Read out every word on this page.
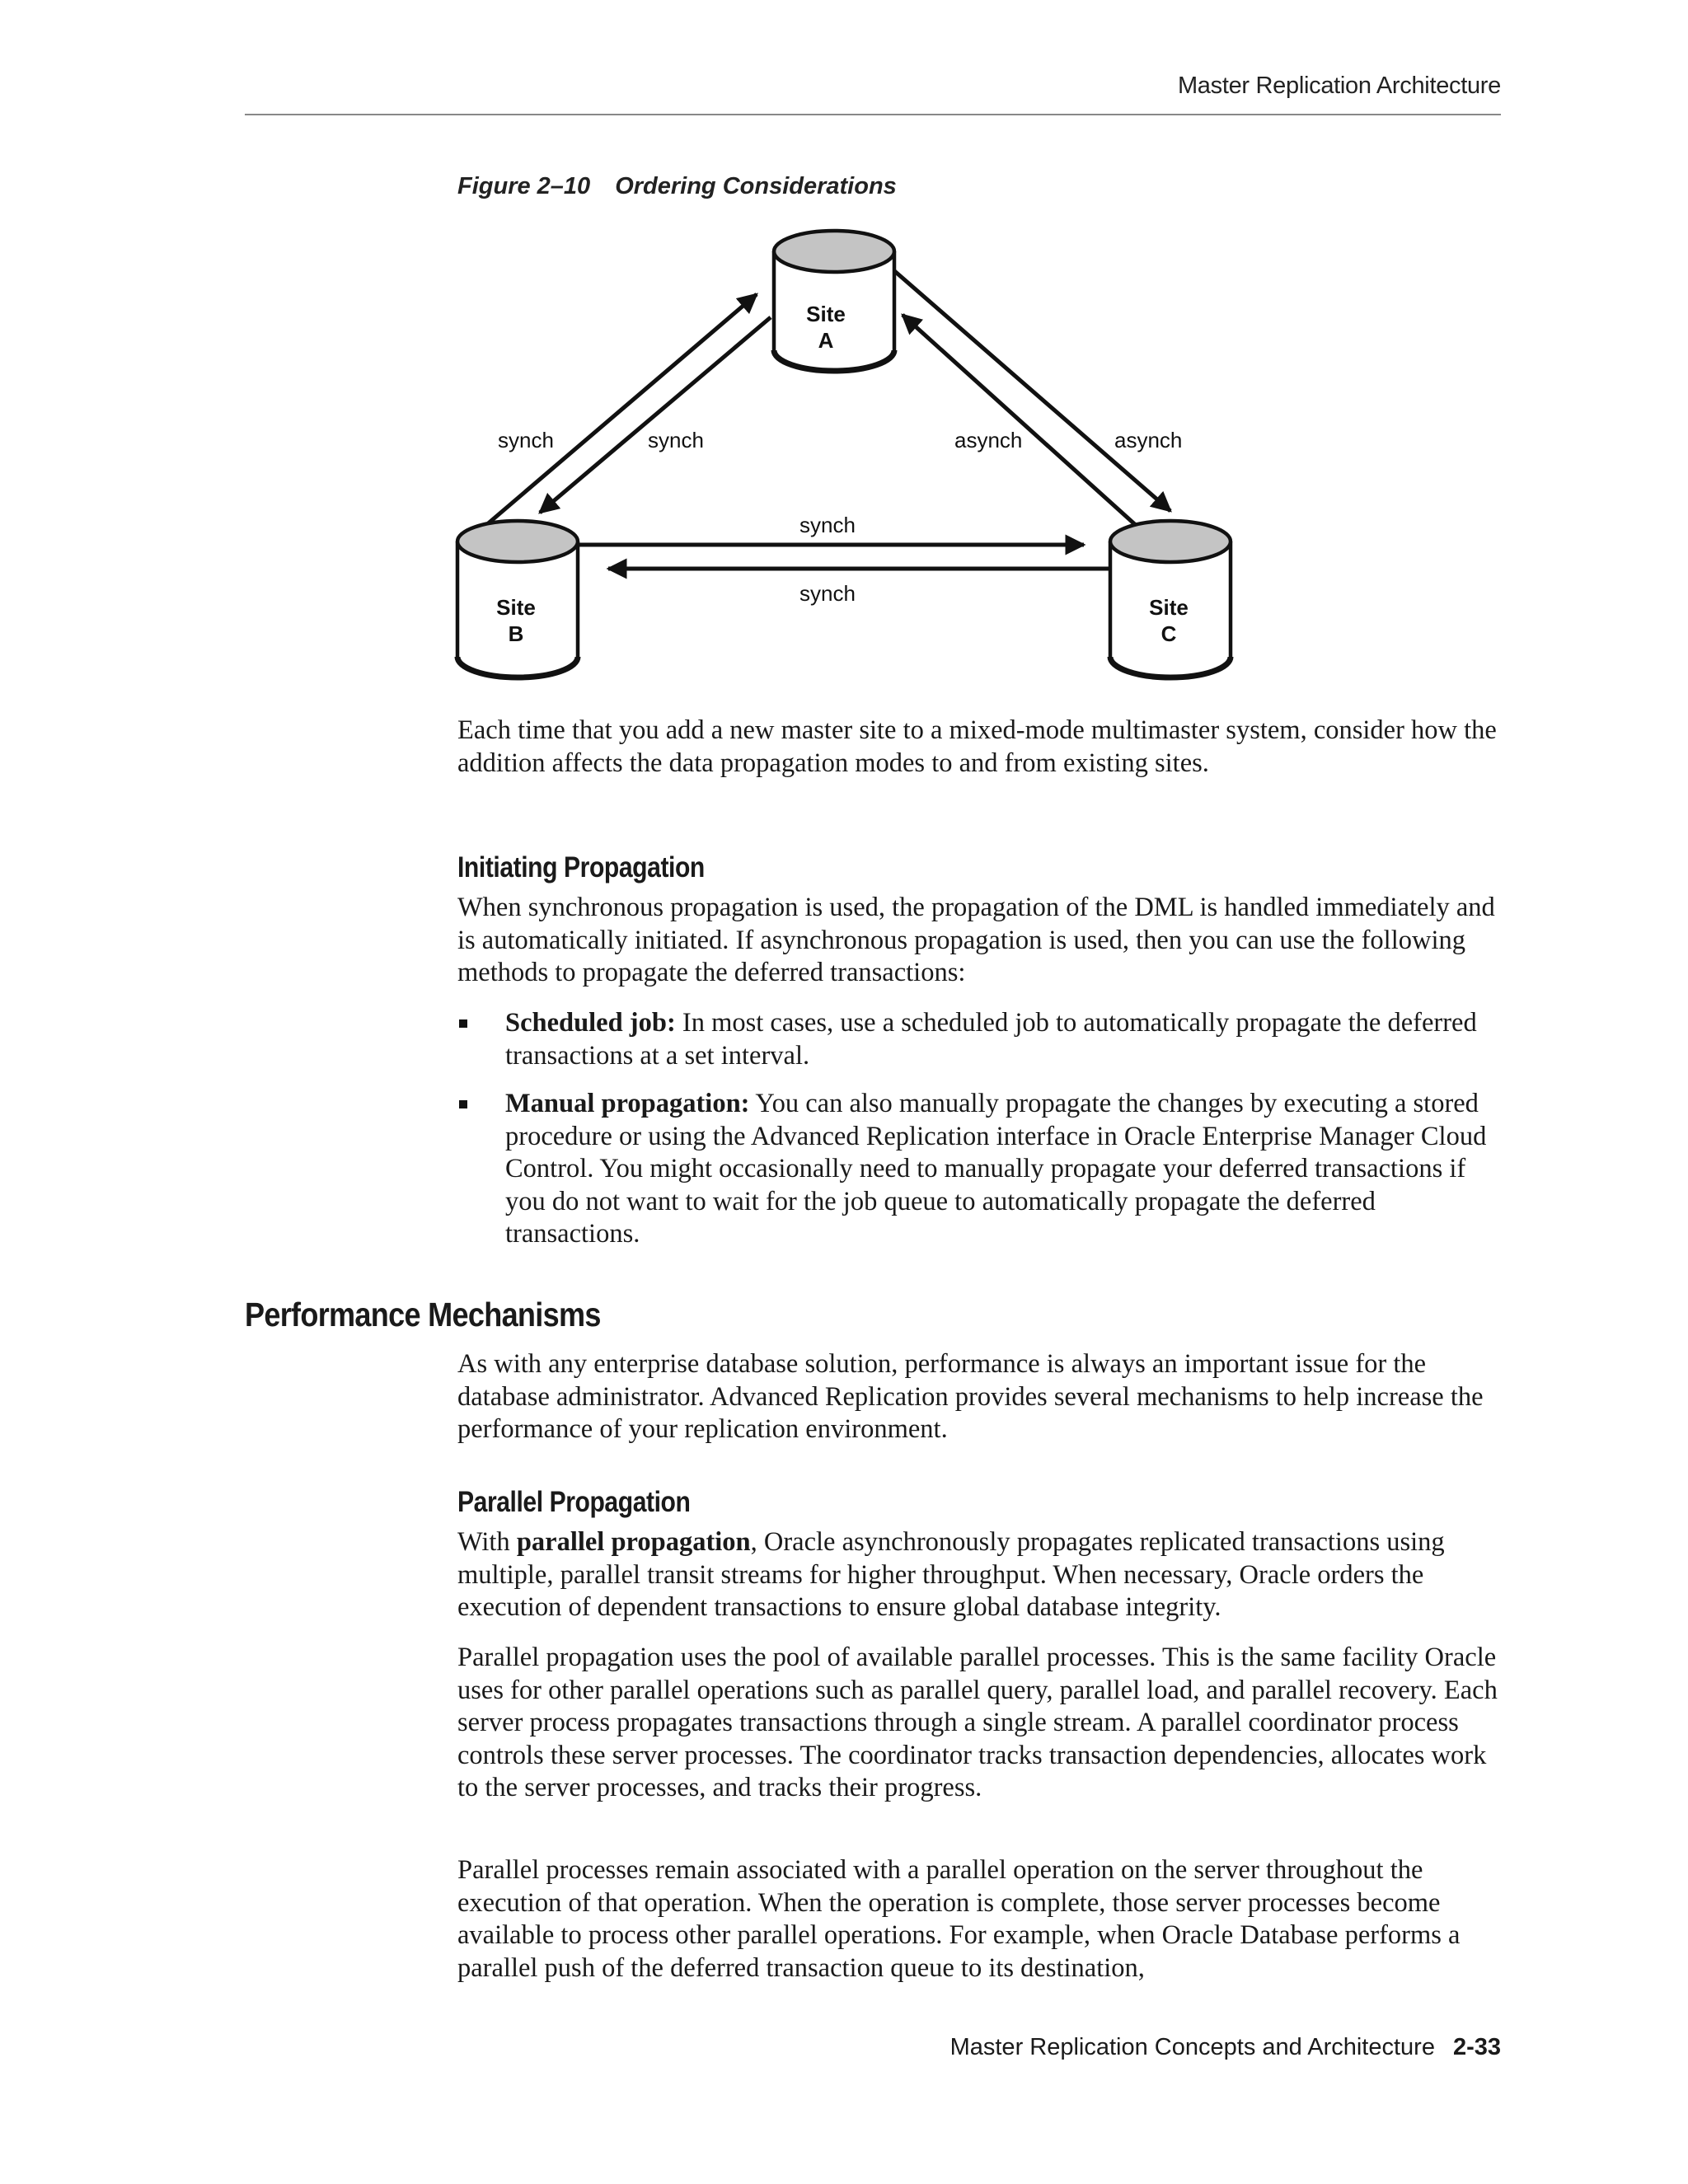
Master Replication Architecture
Figure 2–10 Ordering Considerations
Site
A
Site
B
Site
C
synch	synch	asynch	asynch
synch
synch

Each time that you add a new master site to a mixed-mode multimaster system, consider how the addition affects the data propagation modes to and from existing sites.

Initiating Propagation

When synchronous propagation is used, the propagation of the DML is handled immediately and is automatically initiated. If asynchronous propagation is used, then you can use the following methods to propagate the deferred transactions:

Scheduled job: In most cases, use a scheduled job to automatically propagate the deferred transactions at a set interval.
Manual propagation: You can also manually propagate the changes by executing a stored procedure or using the Advanced Replication interface in Oracle Enterprise Manager Cloud Control. You might occasionally need to manually propagate your deferred transactions if you do not want to wait for the job queue to automatically propagate the deferred transactions.
Performance Mechanisms

As with any enterprise database solution, performance is always an important issue for the database administrator. Advanced Replication provides several mechanisms to help increase the performance of your replication environment.

Parallel Propagation

With parallel propagation, Oracle asynchronously propagates replicated transactions using multiple, parallel transit streams for higher throughput. When necessary, Oracle orders the execution of dependent transactions to ensure global database integrity.

Parallel propagation uses the pool of available parallel processes. This is the same facility Oracle uses for other parallel operations such as parallel query, parallel load, and parallel recovery. Each server process propagates transactions through a single stream. A parallel coordinator process controls these server processes. The coordinator tracks transaction dependencies, allocates work to the server processes, and tracks their progress.

Parallel processes remain associated with a parallel operation on the server throughout the execution of that operation. When the operation is complete, those server processes become available to process other parallel operations. For example, when Oracle Database performs a parallel push of the deferred transaction queue to its destination,

Master Replication Concepts and Architecture 2-33
